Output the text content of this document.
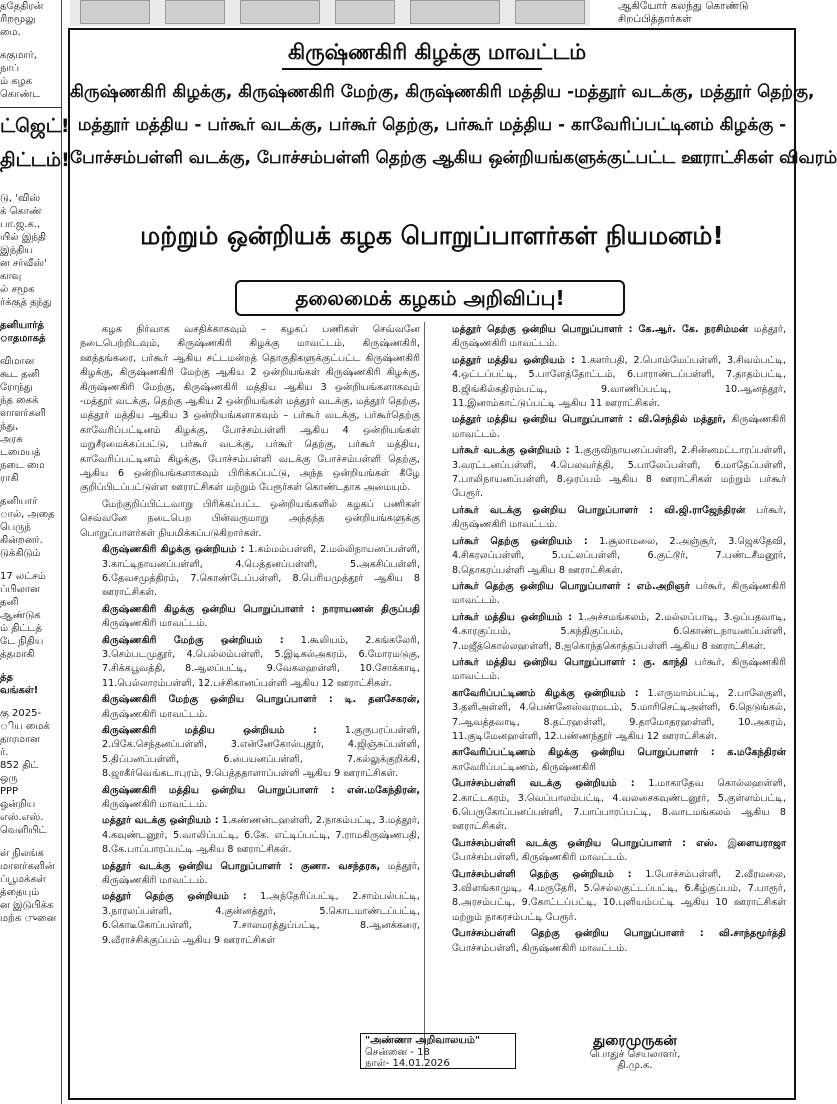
ததேதிரன்
ரிறமூலு
மை.
ககுமார்,
நாப்
ம் கழக
கொண்ட
ட்ஜெட்!
திட்டம்!
டு, 'விஸ்
க் கொண்
பா.ஜ.க.,
யில் இந்தி
இந்திய
ன சர்வீஸ்'
காவு
ல் சமூக
ர்க்குத் தந்து
தனியார்த்
ாதமாகத்
விமான
கூட தனி
ரோந்து
ந்த கைக்
ளாளர்களி
ந்து,
அரசு
டமையத்
நடை மை
ராகி
தனியார்
ால், அதை
பெருந்
கின்றனர்.
டுக்கிடும்
17 லட்சம்
ப்பிலான
தனி
ஆண்டுக
ம் திட்டத்
டே நிதிய
த்தமாகி
த்த
வங்கள்!
கு 2025-
ிய மைக்
தாரமான
ர்.
852 திட்
ஒரு
PPP
ஒன்றிய
எஸ்.எஸ்.
வெளியிட்
ள் நிலங்க
மாளர்களின்
ப்பூமக்கள்
த்தையும்
ன இடுபிக்க
மற்க ுனை
ஆகியோர் கலந்து கொண்டு
சிறப்பித்தார்கள்
கிருஷ்ணகிரி கிழக்கு மாவட்டம்
கிருஷ்ணகிரி கிழக்கு, கிருஷ்ணகிரி மேற்கு, கிருஷ்ணகிரி மத்திய -மத்தூர் வடக்கு, மத்தூர் தெற்கு,
மத்தூர் மத்திய - பர்கூர் வடக்கு, பர்கூர் தெற்கு, பர்கூர் மத்திய - காவேரிப்பட்டினம் கிழக்கு -
போச்சம்பள்ளி வடக்கு, போச்சம்பள்ளி தெற்கு ஆகிய ஒன்றியங்களுக்குட்பட்ட ஊராட்சிகள் விவரம்
மற்றும் ஒன்றியக் கழக பொறுப்பாளர்கள் நியமனம்!
தலைமைக் கழகம் அறிவிப்பு!

கழக நிர்வாக வசதிக்காகவும் – கழகப் பணிகள் செவ்வனே நடைபெற்றிடவும், கிருஷ்ணகிரி கிழக்கு மாவட்டம், கிருஷ்ணகிரி, ஊத்தங்கரை, பர்கூர் ஆகிய சட்டமன்றத் தொகுதிகளுக்குட்பட்ட கிருஷ்ணகிரி கிழக்கு, கிருஷ்ணகிரி மேற்கு ஆகிய 2 ஒன்றியங்கள் கிருஷ்ணகிரி கிழக்கு, கிருஷ்ணகிரி மேற்கு, கிருஷ்ணகிரி மத்திய ஆகிய 3 ஒன்றியங்களாகவும் -மத்தூர் வடக்கு, தெற்கு ஆகிய 2 ஒன்றியங்கள் மத்தூர் வடக்கு, மத்தூர் தெற்கு, மத்தூர் மத்திய ஆகிய 3 ஒன்றியங்களாகவும் – பர்கூர் வடக்கு, பர்கூர்தெற்கு காவேரிப்பட்டினம் கிழக்கு, போச்சம்பள்ளி ஆகிய 4 ஒன்றியங்கள் மறுசீரமைக்கப்பட்டு, பர்கூர் வடக்கு, பர்கூர் தெற்கு, பர்கூர் மத்திய, காவேரிப்பட்டினம் கிழக்கு, போச்சம்பள்ளி வடக்கு போச்சம்பள்ளி தெற்கு, ஆகிய 6 ஒன்றியங்களாகவும் பிரிக்கப்பட்டு, அந்த ஒன்றியங்கள் கீழே குறிப்பிடப்பட்டுள்ள ஊராட்சிகள் மற்றும் பேரூர்கள் கொண்டதாக அமையும்.

மேற்குறிப்பிட்டவாறு பிரிக்கப்பட்ட ஒன்றியங்களில் கழகப் பணிகள் செவ்வனே நடைபெற பின்வருமாறு அந்தந்த ஒன்றியங்களுக்கு பொறுப்பாளர்கள் நியமிக்கப்படுகிறார்கள்.

கிருஷ்ணகிரி கிழக்கு ஒன்றியம் : 1.கம்மம்பள்ளி, 2.மல்லிநாயனப்பள்ளி, 3.காட்டிநாயனப்பள்ளி, 4.பெத்தனப்பள்ளி, 5.அகசிப்பள்ளி, 6.தேவசமுத்திரம், 7.கொண்டேப்பள்ளி, 8.பெரியமுத்தூர் ஆகிய 8 ஊராட்சிகள்.

கிருஷ்ணகிரி கிழக்கு ஒன்றிய பொறுப்பாளர் : நாராயணன் திருப்பதி கிருஷ்ணகிரி மாவட்டம்.

கிருஷ்ணகிரி மேற்கு ஒன்றியம் : 1.கூலியம், 2.கங்கலேரி, 3.செம்படமுதூர், 4.பெல்லம்பள்ளி, 5.இடிகல்அகரம், 6.மோரமடுகு, 7.சிக்கபூவத்தி, 8.ஆலப்பட்டி, 9.வேகலஹள்ளி, 10.சோக்காடி, 11.பெல்லாரம்பள்ளி, 12.பச்சிகானப்பள்ளி ஆகிய 12 ஊராட்சிகள்.

கிருஷ்ணகிரி மேற்கு ஒன்றிய பொறுப்பாளர் : டி. தனசேகரன், கிருஷ்ணகிரி மாவட்டம்.

கிருஷ்ணகிரி மத்திய ஒன்றியம் :	1.குருபரப்பள்ளி, 2.பிகே.செந்தனப்பள்ளி, 3.என்னேகோல்புதூர், 4.ஜிஞ்சுப்பள்ளி, 5.திப்பனப்பள்ளி, 6.பையனப்பள்ளி, 7.கல்லுக்குறிக்கி, 8.ஜாகீர்வெங்கடாபுரம், 9.பெத்ததாளாப்பள்ளி ஆகிய 9 ஊராட்சிகள்.

கிருஷ்ணகிரி மத்திய ஒன்றிய பொறுப்பாளர் : என்.மகேந்திரன், கிருஷ்ணகிரி மாவட்டம்.

மத்தூர் வடக்கு ஒன்றியம் : 1.கண்ணன்டஹள்ளி, 2.நாகம்பட்டி, 3.மத்தூர், 4.கவுண்டனூர், 5.வாலிப்பட்டி, 6.கே. எட்டிப்பட்டி, 7.ராமகிருஷ்ணபதி, 8.கே.பாப்பாரப்பட்டி ஆகிய 8 ஊராட்சிகள்.

மத்தூர் வடக்கு ஒன்றிய பொறுப்பாளர் : குணா. வசந்தரசு, மத்தூர், கிருஷ்ணகிரி மாவட்டம்.

மத்தூர் தெற்கு ஒன்றியம் : 1.அந்தேரிப்பட்டி, 2.சாம்பல்பட்டி, 3.நாரலப்பள்ளி, 4.குன்னத்தூர், 5.கொடமாண்டப்பட்டி, 6.கொடீகோப்பள்ளி, 7.சாலமரத்துப்பட்டி, 8.ஆனக்கரை, 9.வீராச்சிக்குப்பம் ஆகிய 9 ஊராட்சிகள்

மத்தூர் தெற்கு ஒன்றிய பொறுப்பாளர் : கே.ஆர். கே. நரசிம்மன் மத்தூர், கிருஷ்ணகிரி மாவட்டம்.

மத்தூர் மத்திய ஒன்றியம் : 1.களர்பதி, 2.பொம்மேப்பள்ளி, 3.சிவம்பட்டி, 4.ஒட்டப்பட்டி, 5.பாளேத்தோட்டம், 6.பாராண்டப்பள்ளி, 7.தாதம்பட்டி, 8.ஜிங்கில்கதிரம்பட்டி, 9.வாணிப்பட்டி, 10.ஆனத்தூர், 11.இனாம்காட்டுப்பட்டி ஆகிய 11 ஊராட்சிகள்.

மத்தூர் மத்திய ஒன்றிய பொறுப்பாளர் : வி.செந்தில் மத்தூர், கிருஷ்ணகிரி மாவட்டம்.

பர்கூர் வடக்கு ஒன்றியம் : 1.குருவிநாயனப்பள்ளி, 2.சின்னமட்டாரப்பள்ளி, 3.வரட்டனப்பள்ளி, 4.பெலவர்த்தி, 5.பாலேப்பள்ளி, 6.மாதேப்பள்ளி, 7.பாலிநாயனப்பள்ளி, 8.ஒரப்பம் ஆகிய 8 ஊராட்சிகள் மற்றும் பர்கூர் பேரூர்.

பர்கூர் வடக்கு ஒன்றிய பொறுப்பாளர் : வி.ஜி.ராஜேந்திரன் பர்கூர், கிருஷ்ணகிரி மாவட்டம்.

பர்கூர் தெற்கு ஒன்றியம் : 1.சூலாமலை, 2.அஞ்சூர், 3.ஜெகதேவி, 4.சிகரலப்பள்ளி, 5.பட்லப்பள்ளி, 6.குட்டூர், 7.பண்டசீமனூர், 8.தொகரப்பள்ளி ஆகிய 8 ஊராட்சிகள்.

பர்கூர் தெற்கு ஒன்றிய பொறுப்பாளர் : எம்.அறிஞர் பர்கூர், கிருஷ்ணகிரி மாவட்டம்.

பர்கூர் மத்திய ஒன்றியம் : 1.அச்சமங்கலம், 2.மல்லப்பாடி, 3.ஒப்பதவாடி, 4.காரகுப்பம், 5.கந்திகுப்பம், 6.கொண்டநாயனப்பள்ளி, 7.மஜீத்கொல்லஹள்ளி, 8.ஐகொந்தகொத்தப்பள்ளி ஆகிய 8 ஊராட்சிகள்.

பர்கூர் மத்திய ஒன்றிய பொறுப்பாளர் : கு. காந்தி பர்கூர், கிருஷ்ணகிரி மாவட்டம்.

காவேரிப்பட்டிணம் கிழக்கு ஒன்றியம் : 1.எருமாம்பட்டி, 2.பாலேகுளி, 3.தளிஅள்ளி, 4.பெண்னேஸ்வரமடம், 5.மாரிசெட்டிஅள்ளி, 6.நெடுங்கல், 7.ஆவத்தவாடி, 8.தட்ரஹள்ளி, 9.தாமோதரஹள்ளி, 10.அகரம், 11.குடிமேனஹள்ளி, 12.பண்ணந்தூர் ஆகிய 12 ஊராட்சிகள்.

காவேரிப்பட்டிணம் கிழக்கு ஒன்றிய பொறுப்பாளர் : க.மகேந்திரன் காவேரிப்பட்டிணம், கிருஷ்ணகிரி

போச்சம்பள்ளி வடக்கு ஒன்றியம் : 1.மாகாதேவ கொல்லஹள்ளி, 2.காட்டகரம், 3.வெப்பாலம்பட்டி, 4.வலசைகவுண்டனூர், 5.குள்ளம்பட்டி, 6.பெருகோப்பனப்பள்ளி, 7.பாப்பாரப்பட்டி, 8.வாடமங்கலம் ஆகிய 8 ஊராட்சிகள்.

போச்சம்பள்ளி வடக்கு ஒன்றிய பொறுப்பாளர் : எஸ். இளையராஜா போச்சம்பள்ளி, கிருஷ்ணகிரி மாவட்டம்.

போச்சம்பள்ளி தெற்கு ஒன்றியம் : 1.போச்சம்பள்ளி, 2.வீரமலை, 3.விளங்காமுடி, 4.மருதேரி, 5.செல்லகுட்டப்பட்டி, 6.கீழ்குப்பம், 7.பாரூர், 8.அரசம்பட்டி, 9.கோட்டப்பட்டி, 10.புளியம்பட்டி ஆகிய 10 ஊராட்சிகள் மற்றும் நாகரசம்பட்டி பேரூர்.

போச்சம்பள்ளி தெற்கு ஒன்றிய பொறுப்பாளர் : வி.சாந்தமூர்த்தி போச்சம்பள்ளி, கிருஷ்ணகிரி மாவட்டம்.

"அண்ணா அறிவாலயம்"
சென்னை - 18
நாள்- 14.01.2026
துரைமுருகன்
பொதுச் செயலாளர்,
தி.மு.க.
